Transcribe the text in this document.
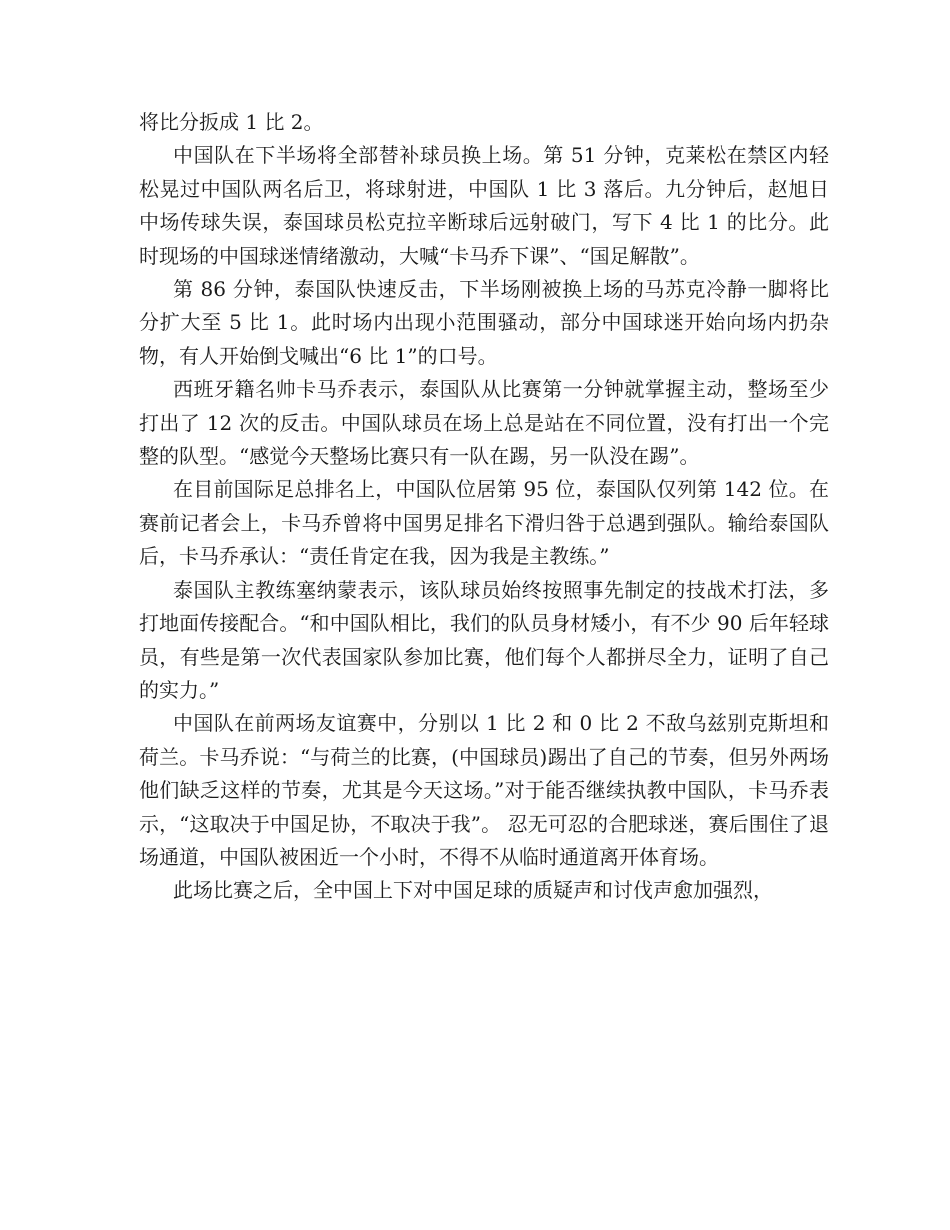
将比分扳成 1 比 2。

中国队在下半场将全部替补球员换上场。第 51 分钟，克莱松在禁区内轻松晃过中国队两名后卫，将球射进，中国队 1 比 3 落后。九分钟后，赵旭日中场传球失误，泰国球员松克拉辛断球后远射破门，写下 4 比 1 的比分。此时现场的中国球迷情绪激动，大喊“卡马乔下课”、“国足解散”。

第 86 分钟，泰国队快速反击，下半场刚被换上场的马苏克冷静一脚将比分扩大至 5 比 1。此时场内出现小范围骚动，部分中国球迷开始向场内扔杂物，有人开始倒戈喊出“6 比 1”的口号。

西班牙籍名帅卡马乔表示，泰国队从比赛第一分钟就掌握主动，整场至少打出了 12 次的反击。中国队球员在场上总是站在不同位置，没有打出一个完整的队型。“感觉今天整场比赛只有一队在踢，另一队没在踢”。

在目前国际足总排名上，中国队位居第 95 位，泰国队仅列第 142 位。在赛前记者会上，卡马乔曾将中国男足排名下滑归咎于总遇到强队。输给泰国队后，卡马乔承认：“责任肯定在我，因为我是主教练。”

泰国队主教练塞纳蒙表示，该队球员始终按照事先制定的技战术打法，多打地面传接配合。“和中国队相比，我们的队员身材矮小，有不少 90 后年轻球员，有些是第一次代表国家队参加比赛，他们每个人都拼尽全力，证明了自己的实力。”

中国队在前两场友谊赛中，分别以 1 比 2 和 0 比 2 不敌乌兹别克斯坦和荷兰。卡马乔说：“与荷兰的比赛，(中国球员)踢出了自己的节奏，但另外两场他们缺乏这样的节奏，尤其是今天这场。”对于能否继续执教中国队，卡马乔表示，“这取决于中国足协，不取决于我”。 忍无可忍的合肥球迷，赛后围住了退场通道，中国队被困近一个小时，不得不从临时通道离开体育场。

此场比赛之后，全中国上下对中国足球的质疑声和讨伐声愈加强烈，
